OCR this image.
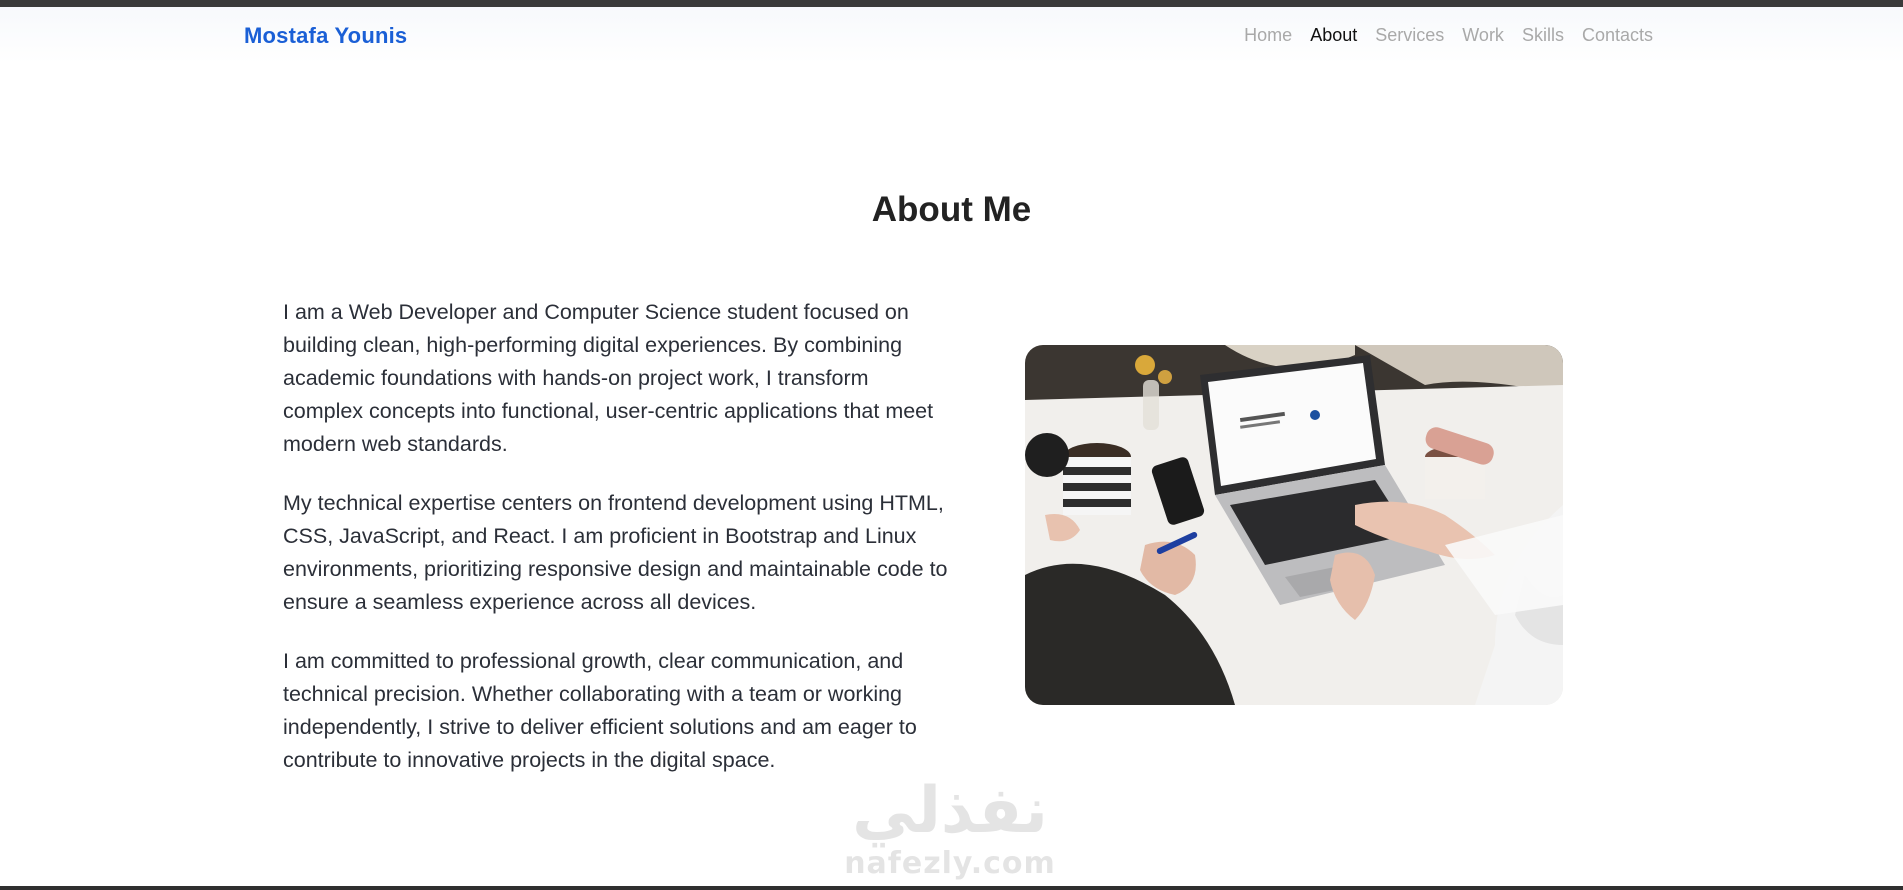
Mostafa Younis	Home About Services Work Skills Contacts
About Me

I am a Web Developer and Computer Science student focused on building clean, high-performing digital experiences. By combining academic foundations with hands-on project work, I transform complex concepts into functional, user-centric applications that meet modern web standards.

My technical expertise centers on frontend development using HTML, CSS, JavaScript, and React. I am proficient in Bootstrap and Linux environments, prioritizing responsive design and maintainable code to ensure a seamless experience across all devices.

I am committed to professional growth, clear communication, and technical precision. Whether collaborating with a team or working independently, I strive to deliver efficient solutions and am eager to contribute to innovative projects in the digital space.

نفذلي
nafezly.com
